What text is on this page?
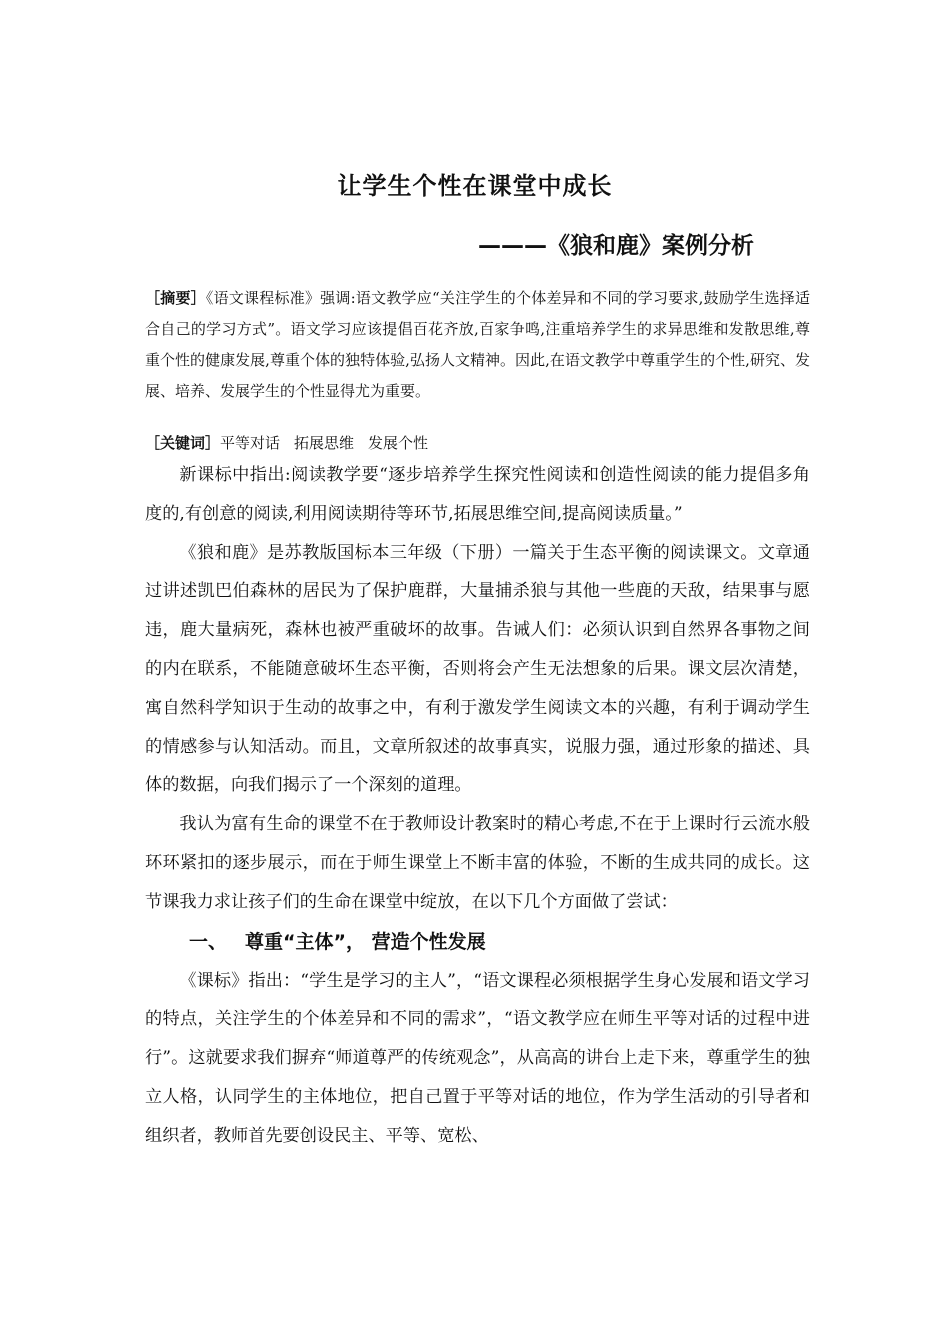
让学生个性在课堂中成长
———《狼和鹿》案例分析
［摘要］《语文课程标准》强调:语文教学应“关注学生的个体差异和不同的学习要求,鼓励学生选择适合自己的学习方式”。语文学习应该提倡百花齐放,百家争鸣,注重培养学生的求异思维和发散思维,尊重个性的健康发展,尊重个体的独特体验,弘扬人文精神。因此,在语文教学中尊重学生的个性,研究、发展、培养、发展学生的个性显得尤为重要。
［关键词］平等对话 拓展思维 发展个性

新课标中指出:阅读教学要“逐步培养学生探究性阅读和创造性阅读的能力提倡多角度的,有创意的阅读,利用阅读期待等环节,拓展思维空间,提高阅读质量。”

《狼和鹿》是苏教版国标本三年级（下册）一篇关于生态平衡的阅读课文。文章通过讲述凯巴伯森林的居民为了保护鹿群，大量捕杀狼与其他一些鹿的天敌，结果事与愿违，鹿大量病死，森林也被严重破坏的故事。告诫人们：必须认识到自然界各事物之间的内在联系，不能随意破坏生态平衡，否则将会产生无法想象的后果。课文层次清楚，寓自然科学知识于生动的故事之中，有利于激发学生阅读文本的兴趣，有利于调动学生的情感参与认知活动。而且，文章所叙述的故事真实，说服力强，通过形象的描述、具体的数据，向我们揭示了一个深刻的道理。

我认为富有生命的课堂不在于教师设计教案时的精心考虑,不在于上课时行云流水般环环紧扣的逐步展示，而在于师生课堂上不断丰富的体验，不断的生成共同的成长。这节课我力求让孩子们的生命在课堂中绽放，在以下几个方面做了尝试：

一、 尊重“主体”， 营造个性发展

《课标》指出：“学生是学习的主人”，“语文课程必须根据学生身心发展和语文学习的特点，关注学生的个体差异和不同的需求”，“语文教学应在师生平等对话的过程中进行”。这就要求我们摒弃“师道尊严的传统观念”，从高高的讲台上走下来，尊重学生的独立人格，认同学生的主体地位，把自己置于平等对话的地位，作为学生活动的引导者和组织者，教师首先要创设民主、平等、宽松、
